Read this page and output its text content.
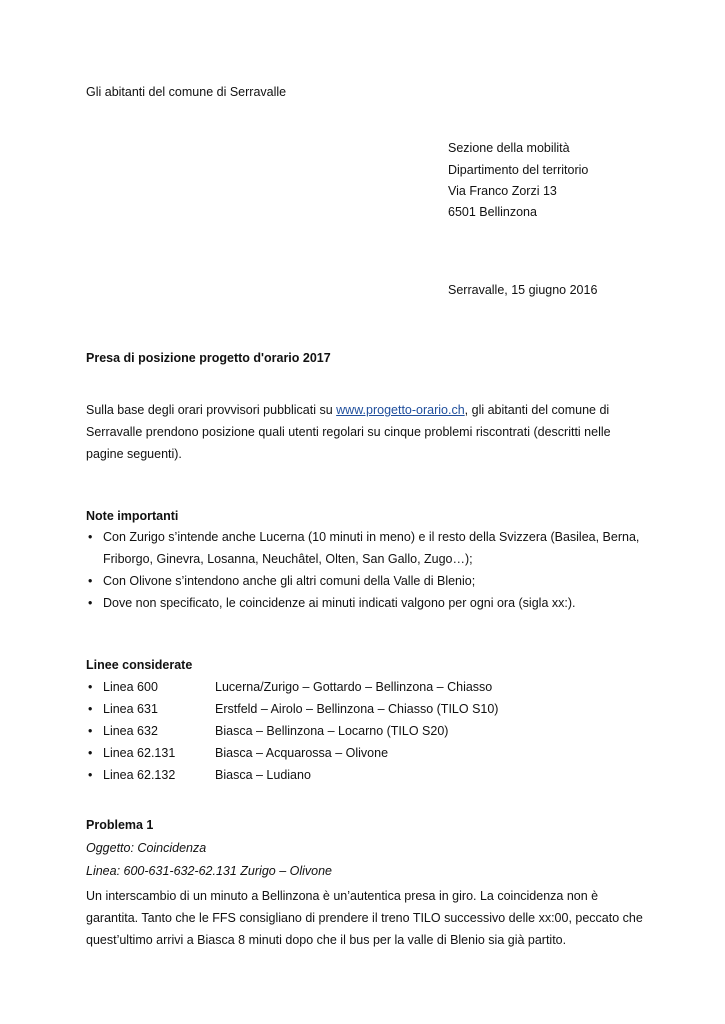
Gli abitanti del comune di Serravalle
Sezione della mobilità
Dipartimento del territorio
Via Franco Zorzi 13
6501 Bellinzona
Serravalle, 15 giugno 2016
Presa di posizione progetto d'orario 2017
Sulla base degli orari provvisori pubblicati su www.progetto-orario.ch, gli abitanti del comune di Serravalle prendono posizione quali utenti regolari su cinque problemi riscontrati (descritti nelle pagine seguenti).
Note importanti
• Con Zurigo s’intende anche Lucerna (10 minuti in meno) e il resto della Svizzera (Basilea, Berna, Friborgo, Ginevra, Losanna, Neuchâtel, Olten, San Gallo, Zugo…);
• Con Olivone s’intendono anche gli altri comuni della Valle di Blenio;
• Dove non specificato, le coincidenze ai minuti indicati valgono per ogni ora (sigla xx:).
Linee considerate
• Linea 600	Lucerna/Zurigo – Gottardo – Bellinzona – Chiasso
• Linea 631	Erstfeld – Airolo – Bellinzona – Chiasso (TILO S10)
• Linea 632	Biasca – Bellinzona – Locarno (TILO S20)
• Linea 62.131	Biasca – Acquarossa – Olivone
• Linea 62.132	Biasca – Ludiano
Problema 1
Oggetto: Coincidenza
Linea: 600-631-632-62.131 Zurigo – Olivone
Un interscambio di un minuto a Bellinzona è un’autentica presa in giro. La coincidenza non è garantita. Tanto che le FFS consigliano di prendere il treno TILO successivo delle xx:00, peccato che quest’ultimo arrivi a Biasca 8 minuti dopo che il bus per la valle di Blenio sia già partito.
